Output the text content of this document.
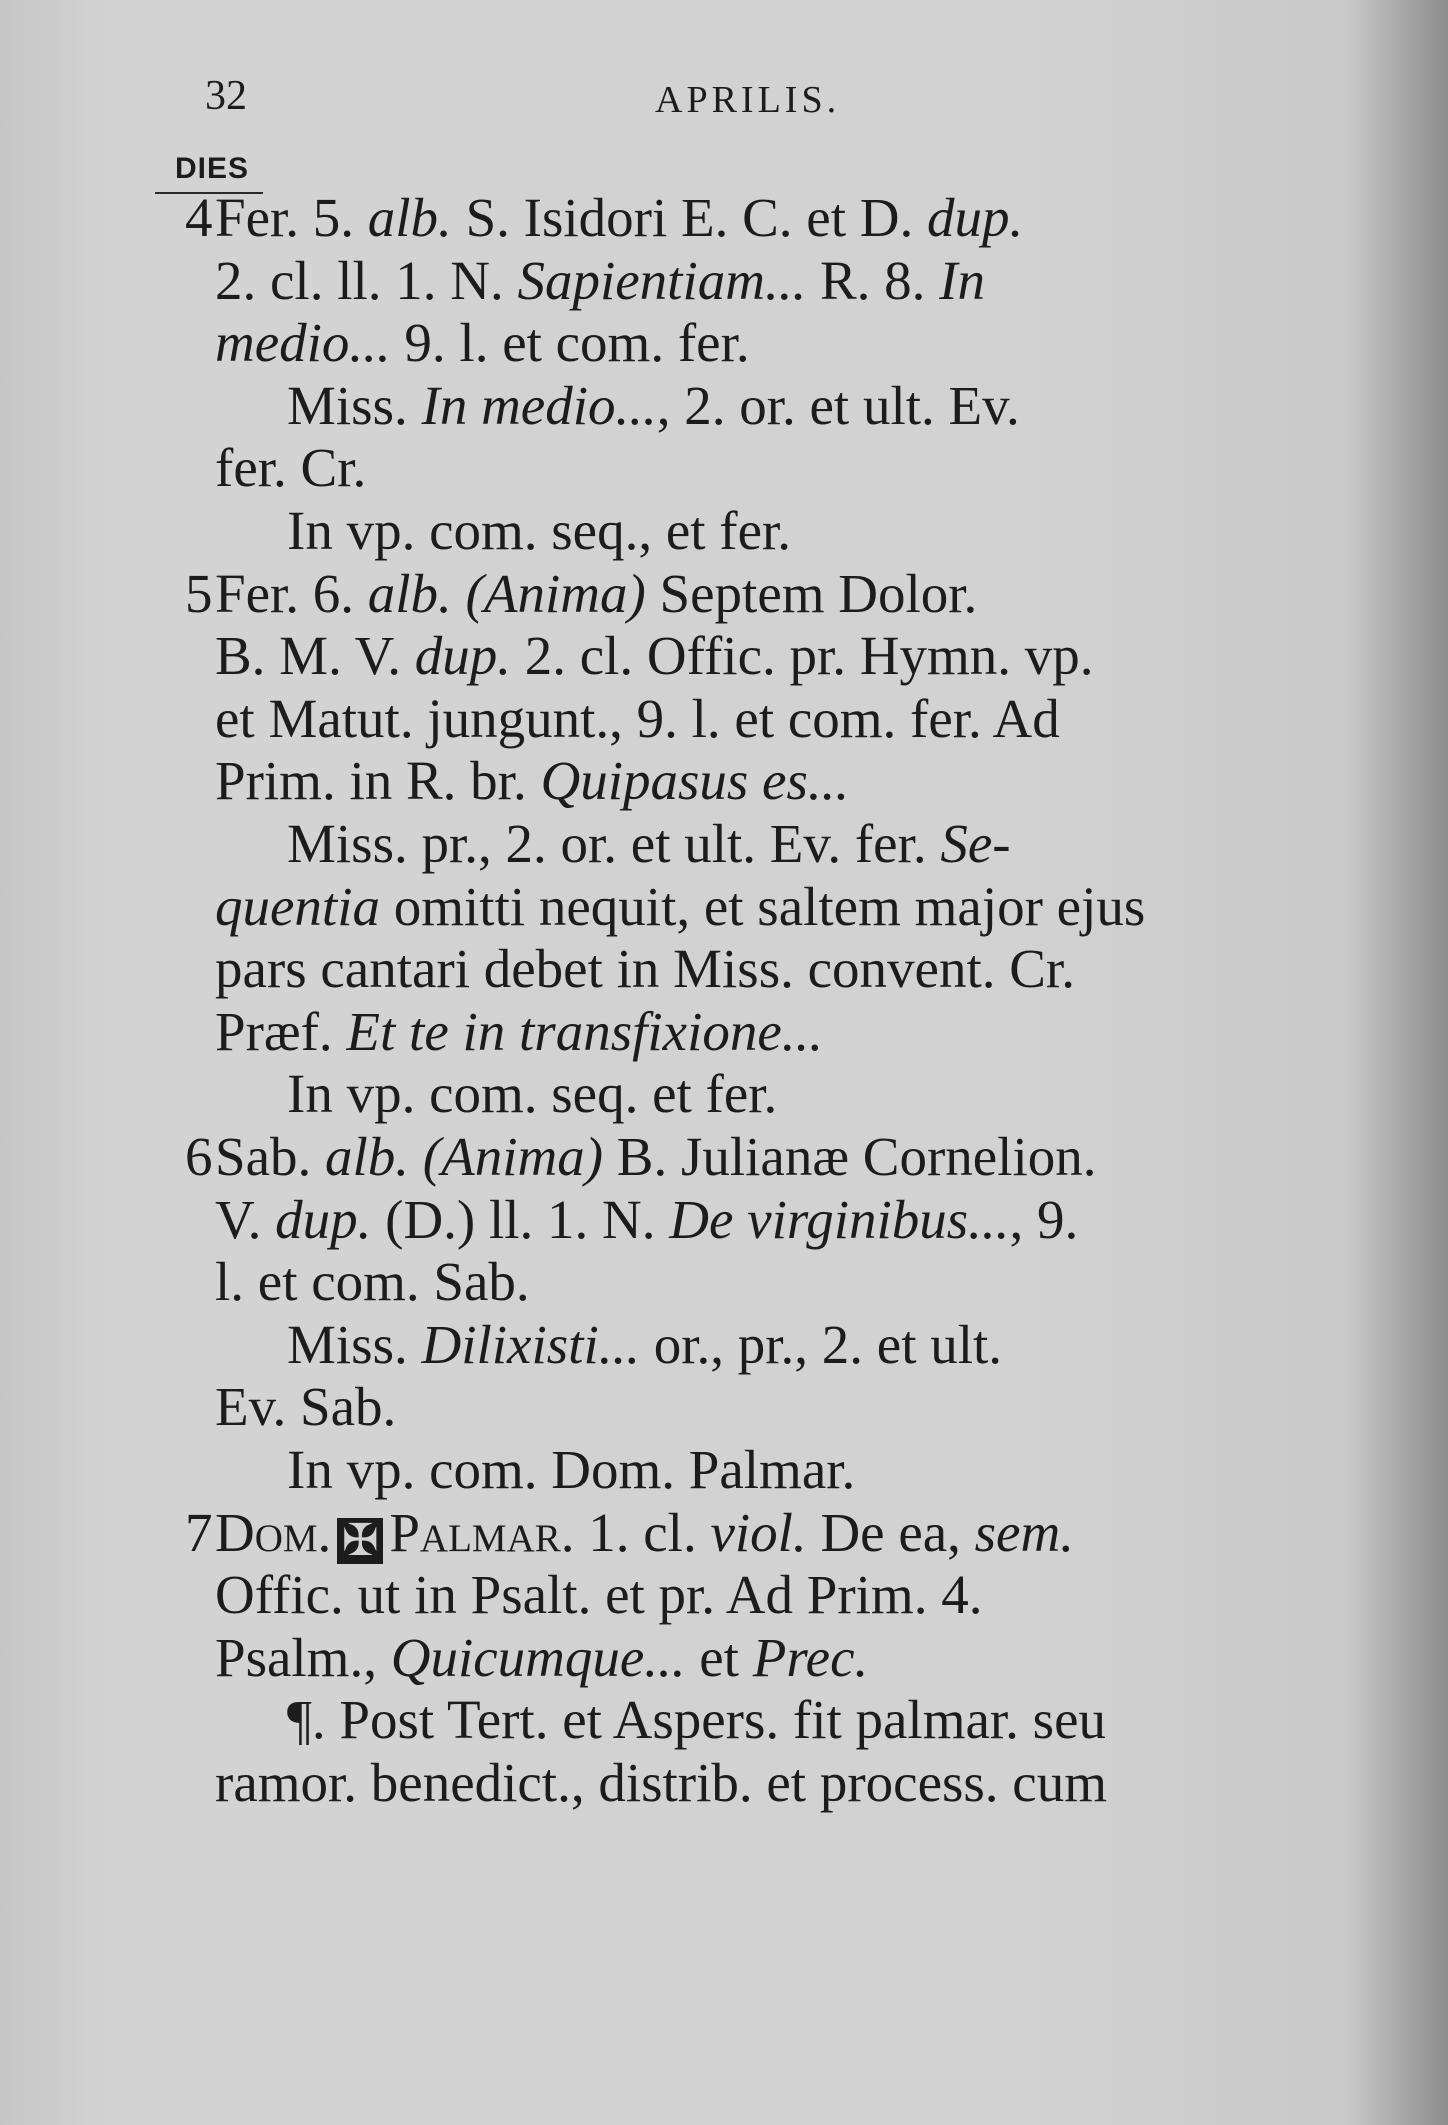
32	APRILIS.
DIES
4 Fer. 5. alb. S. Isidori E. C. et D. dup.
2. cl. ll. 1. N. Sapientiam... R. 8. In
medio... 9. l. et com. fer.
Miss. In medio..., 2. or. et ult. Ev.
fer. Cr.
In vp. com. seq., et fer.
5 Fer. 6. alb. (Anima) Septem Dolor.
B. M. V. dup. 2. cl. Offic. pr. Hymn. vp.
et Matut. jungunt., 9. l. et com. fer. Ad
Prim. in R. br. Quipasus es...
Miss. pr., 2. or. et ult. Ev. fer. Se-
quentia omitti nequit, et saltem major ejus
pars cantari debet in Miss. convent. Cr.
Præf. Et te in transfixione...
In vp. com. seq. et fer.
6 Sab. alb. (Anima) B. Julianæ Cornelion.
V. dup. (D.) ll. 1. N. De virginibus..., 9.
l. et com. Sab.
Miss. Dilixisti... or., pr., 2. et ult.
Ev. Sab.
In vp. com. Dom. Palmar.
7 Dom. ✠ Palmar. 1. cl. viol. De ea, sem.
Offic. ut in Psalt. et pr. Ad Prim. 4.
Psalm., Quicumque... et Prec.
¶. Post Tert. et Aspers. fit palmar. seu
ramor. benedict., distrib. et process. cum
